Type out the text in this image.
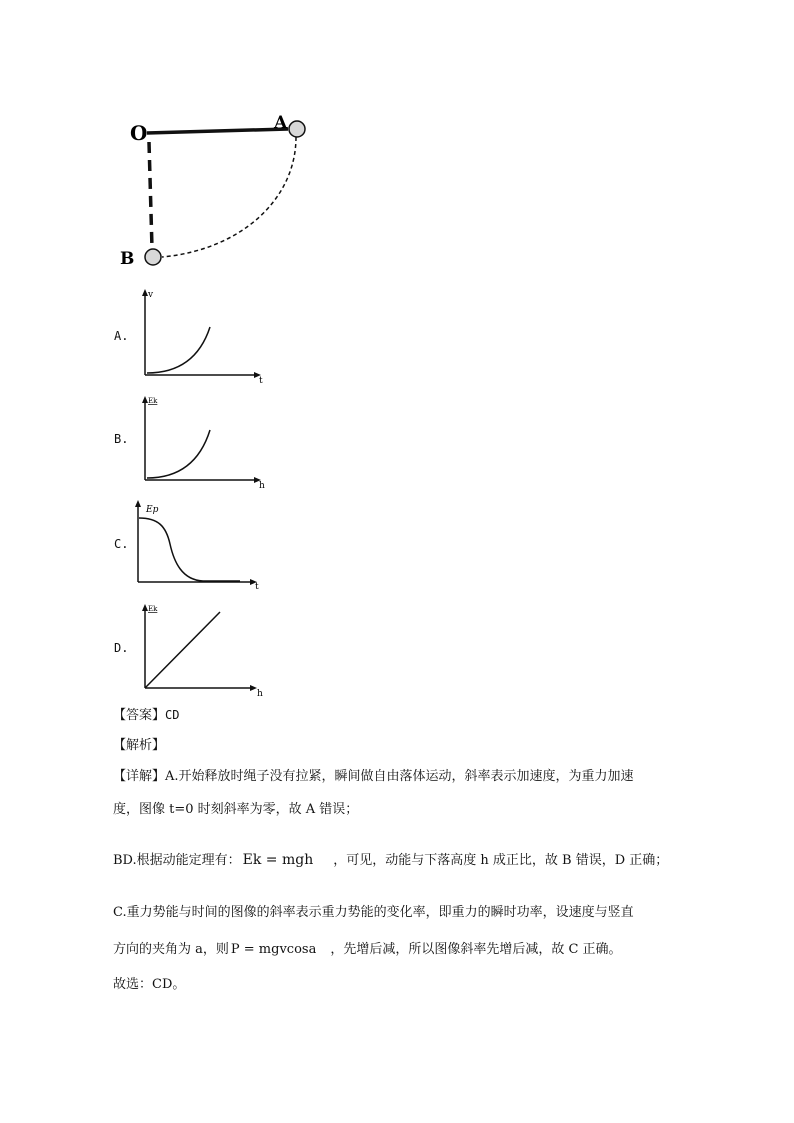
O	A
B
A.
v
t
B.
Ek
h
C.
Ep
t
D.
Ek
h
【答案】CD
【解析】
【详解】A.开始释放时绳子没有拉紧，瞬间做自由落体运动，斜率表示加速度，为重力加速
度，图像 t=0 时刻斜率为零，故 A 错误；
BD.根据动能定理有： Ek = mgh ，可见，动能与下落高度 h 成正比，故 B 错误，D 正确；
C.重力势能与时间的图像的斜率表示重力势能的变化率，即重力的瞬时功率，设速度与竖直
方向的夹角为 a，则 P = mgvcosa ，先增后减，所以图像斜率先增后减，故 C 正确。
故选：CD。
